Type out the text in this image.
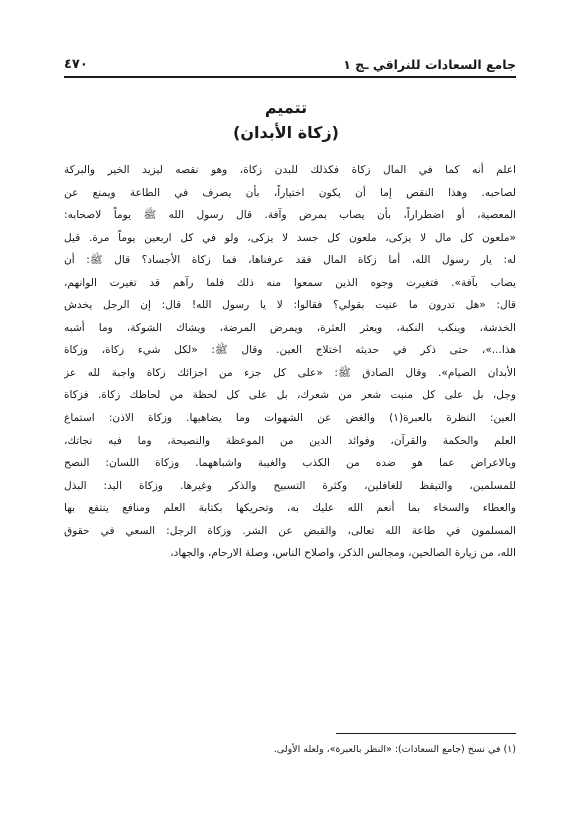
جامع السعادات للنراقي ـج ١
٤٧٠
تتميم
(زكاة الأبدان)
اعلم أنه كما في المال زكاة فكذلك للبدن زكاة، وهو نقصه ليزيد الخير والبركة
لصاحبه. وهذا النقص إما أن يكون اختياراً، بأن يصرف في الطاعة ويمنع عن
المعصية، أو اضطراراً، بأن يصاب بمرض وآفة. قال رسول الله ﷺ يوماً لاصحابه:
«ملعون كل مال لا يزكى، ملعون كل جسد لا يزكى، ولو في كل اربعين يوماً مرة. قيل
له: يار رسول الله، أما زكاة المال فقد عرفناها، فما زكاة الأجساد؟ قال ﷺ: أن
يصاب بآفة». فتغيرت وجوه الذين سمعوا منه ذلك فلما رآهم قد تغيرت الوانهم،
قال: «هل تدرون ما عنيت بقولي؟ فقالوا: لا يا رسول الله! قال: إن الرجل يخدش
الخدشة، وينكب النكبة، ويعثر العثرة، ويمرض المرضة، ويشاك الشوكة، وما أشبه
هذا...»، حتى ذكر في حديثه اختلاج العين. وقال ﷺ: «لكل شيء زكاة، وزكاة
الأبدان الصيام». وقال الصادق ﷺ: «على كل جزء من اجزائك زكاة واجبة لله عز
وجل، بل على كل منبت شعر من شعرك، بل على كل لحظة من لحاظك زكاة. فزكاة
العين: النظرة بالعبرة(١) والغض عن الشهوات وما يضاهيها. وزكاة الاذن: استماع
العلم والحكمة والقرآن، وفوائد الدين من الموعظة والنصيحة، وما فيه نجاتك،
وبالاعراض عما هو ضده من الكذب والغيبة واشباههما. وزكاة اللسان: النصح
للمسلمين، والتيقظ للغافلين، وكثرة التسبيح والذكر وغيرها. وزكاة اليد: البذل
والعطاء والسخاء بما أنعم الله عليك به، وتحريكها بكتابة العلم ومنافع ينتفع بها
المسلمون في طاعة الله تعالى، والقبض عن الشر. وزكاة الرجل: السعي في حقوق
الله، من زيارة الصالحين، ومجالس الذكر، واصلاح الناس، وصلة الارحام، والجهاد،
(١) في نسخ (جامع السعادات): «النظر بالعبرة»، ولعله الأولى.
